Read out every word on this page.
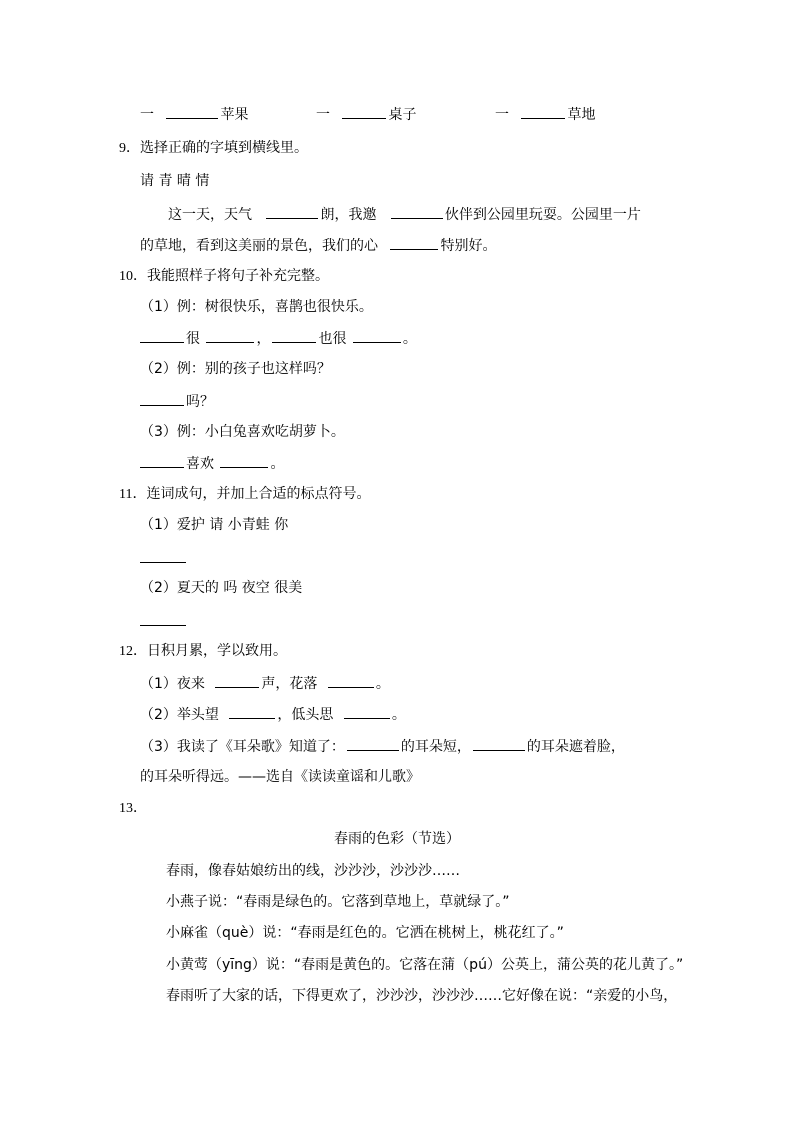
一	苹果	一	桌子	一	草地
9．选择正确的字填到横线里。
请 青 晴 情
这一天，天气	朗，我邀	伙伴到公园里玩耍。公园里一片
的草地，看到这美丽的景色，我们的心	特别好。
10．我能照样子将句子补充完整。
（1）例：树很快乐，喜鹊也很快乐。
很	，	也很	。
（2）例：别的孩子也这样吗？
吗？
（3）例：小白兔喜欢吃胡萝卜。
喜欢	。
11．连词成句，并加上合适的标点符号。
（1）爱护 请 小青蛙 你
（2）夏天的 吗 夜空 很美
12．日积月累，学以致用。
（1）夜来	声，花落	。
（2）举头望	，低头思	。
（3）我读了《耳朵歌》知道了：	的耳朵短，	的耳朵遮着脸，
的耳朵听得远。——选自《读读童谣和儿歌》
13．
春雨的色彩（节选）
春雨，像春姑娘纺出的线，沙沙沙，沙沙沙……
小燕子说：“春雨是绿色的。它落到草地上，草就绿了。”
小麻雀（què）说：“春雨是红色的。它洒在桃树上，桃花红了。”
小黄莺（yīng）说：“春雨是黄色的。它落在蒲（pú）公英上，蒲公英的花儿黄了。”
春雨听了大家的话，下得更欢了，沙沙沙，沙沙沙……它好像在说：“亲爱的小鸟，
